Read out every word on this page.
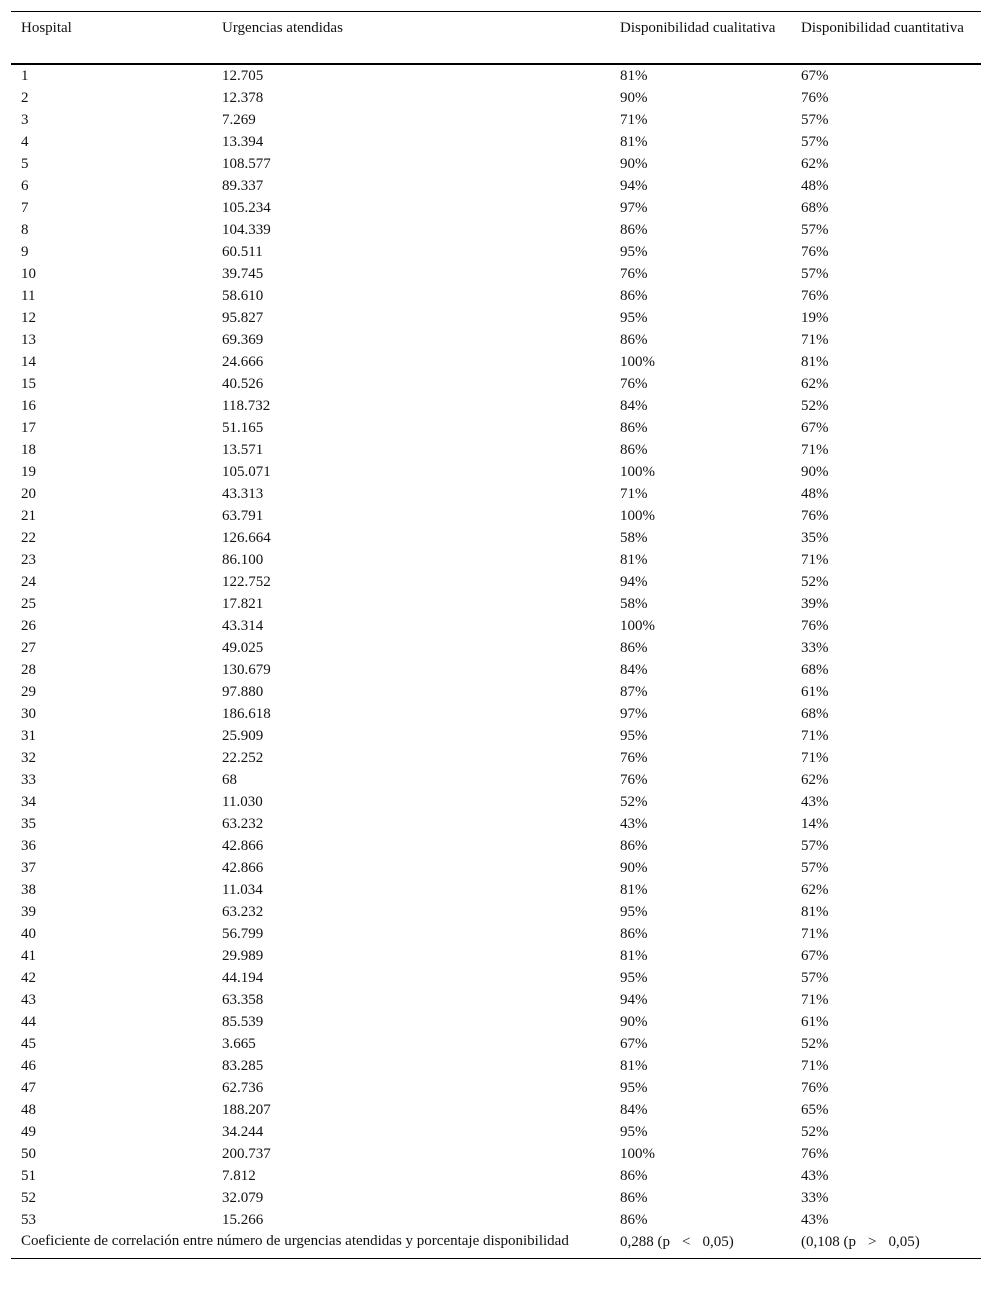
Hospital	Urgencias atendidas	Disponibilidad cualitativa	Disponibilidad cuantitativa
1	12.705	81%	67%
2	12.378	90%	76%
3	7.269	71%	57%
4	13.394	81%	57%
5	108.577	90%	62%
6	89.337	94%	48%
7	105.234	97%	68%
8	104.339	86%	57%
9	60.511	95%	76%
10	39.745	76%	57%
11	58.610	86%	76%
12	95.827	95%	19%
13	69.369	86%	71%
14	24.666	100%	81%
15	40.526	76%	62%
16	118.732	84%	52%
17	51.165	86%	67%
18	13.571	86%	71%
19	105.071	100%	90%
20	43.313	71%	48%
21	63.791	100%	76%
22	126.664	58%	35%
23	86.100	81%	71%
24	122.752	94%	52%
25	17.821	58%	39%
26	43.314	100%	76%
27	49.025	86%	33%
28	130.679	84%	68%
29	97.880	87%	61%
30	186.618	97%	68%
31	25.909	95%	71%
32	22.252	76%	71%
33	68	76%	62%
34	11.030	52%	43%
35	63.232	43%	14%
36	42.866	86%	57%
37	42.866	90%	57%
38	11.034	81%	62%
39	63.232	95%	81%
40	56.799	86%	71%
41	29.989	81%	67%
42	44.194	95%	57%
43	63.358	94%	71%
44	85.539	90%	61%
45	3.665	67%	52%
46	83.285	81%	71%
47	62.736	95%	76%
48	188.207	84%	65%
49	34.244	95%	52%
50	200.737	100%	76%
51	7.812	86%	43%
52	32.079	86%	33%
53	15.266	86%	43%
Coeficiente de correlación entre número de urgencias atendidas y porcentaje disponibilidad		0,288 (p < 0,05)	(0,108 (p > 0,05)
